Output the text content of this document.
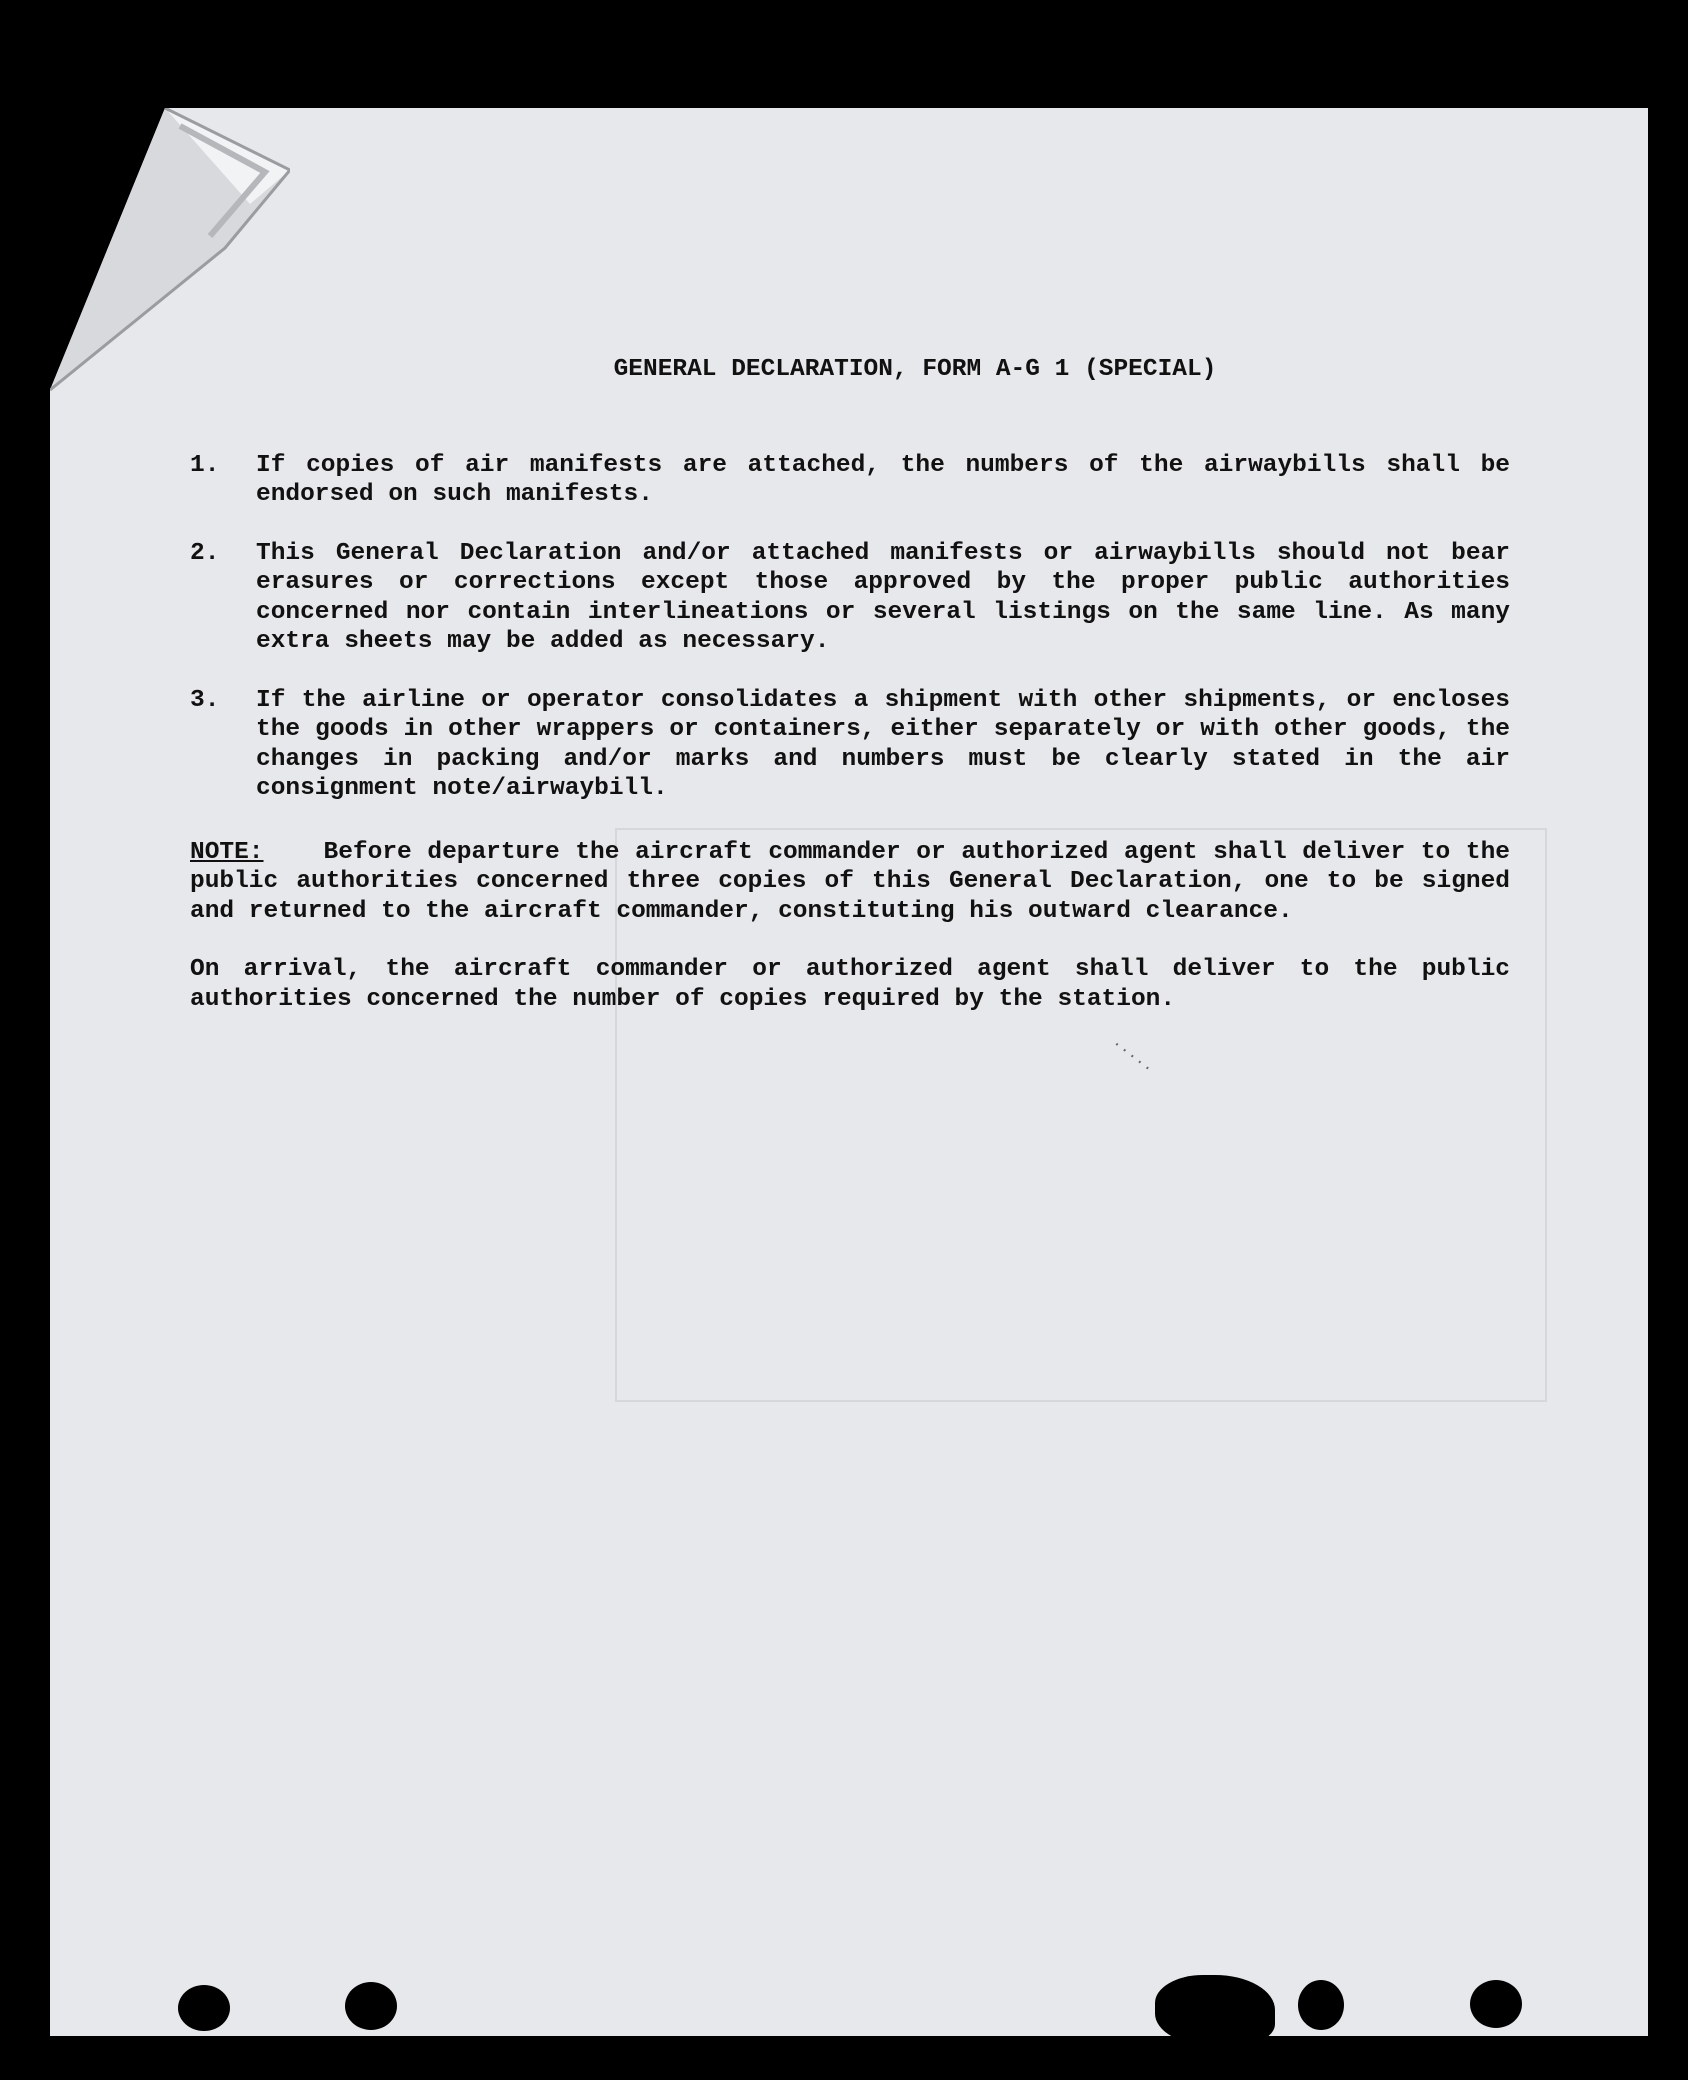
GENERAL DECLARATION, FORM A-G 1 (SPECIAL)
1.	If copies of air manifests are attached, the numbers of the airwaybills shall be endorsed on such manifests.
2.	This General Declaration and/or attached manifests or airwaybills should not bear erasures or corrections except those approved by the proper public authorities concerned nor contain interlineations or several listings on the same line. As many extra sheets may be added as necessary.
3.	If the airline or operator consolidates a shipment with other shipments, or encloses the goods in other wrappers or containers, either separately or with other goods, the changes in packing and/or marks and numbers must be clearly stated in the air consignment note/airwaybill.
NOTE: Before departure the aircraft commander or authorized agent shall deliver to the public authorities concerned three copies of this General Declaration, one to be signed and returned to the aircraft commander, constituting his outward clearance.
On arrival, the aircraft commander or authorized agent shall deliver to the public authorities concerned the number of copies required by the station.
·····
